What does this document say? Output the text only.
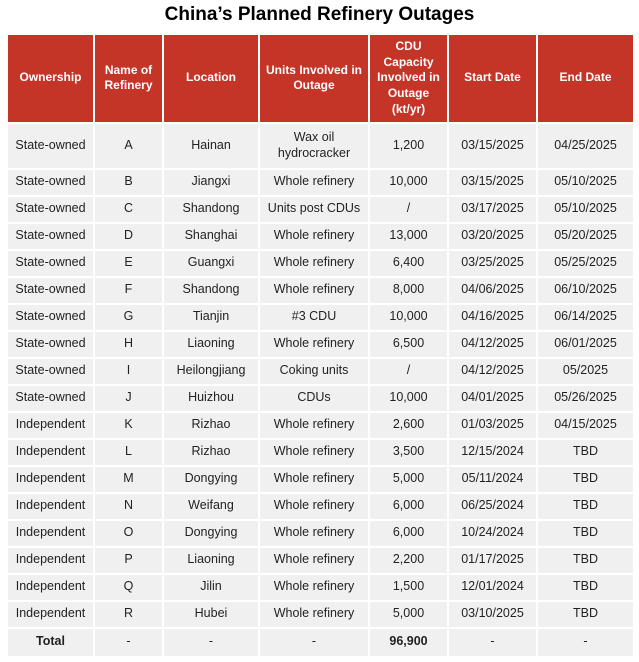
China’s Planned Refinery Outages
Ownership	Name of Refinery	Location	Units Involved in Outage	CDU Capacity Involved in Outage (kt/yr)	Start Date	End Date
State-owned	A	Hainan	Wax oil hydrocracker	1,200	03/15/2025	04/25/2025
State-owned	B	Jiangxi	Whole refinery	10,000	03/15/2025	05/10/2025
State-owned	C	Shandong	Units post CDUs	/	03/17/2025	05/10/2025
State-owned	D	Shanghai	Whole refinery	13,000	03/20/2025	05/20/2025
State-owned	E	Guangxi	Whole refinery	6,400	03/25/2025	05/25/2025
State-owned	F	Shandong	Whole refinery	8,000	04/06/2025	06/10/2025
State-owned	G	Tianjin	#3 CDU	10,000	04/16/2025	06/14/2025
State-owned	H	Liaoning	Whole refinery	6,500	04/12/2025	06/01/2025
State-owned	I	Heilongjiang	Coking units	/	04/12/2025	05/2025
State-owned	J	Huizhou	CDUs	10,000	04/01/2025	05/26/2025
Independent	K	Rizhao	Whole refinery	2,600	01/03/2025	04/15/2025
Independent	L	Rizhao	Whole refinery	3,500	12/15/2024	TBD
Independent	M	Dongying	Whole refinery	5,000	05/11/2024	TBD
Independent	N	Weifang	Whole refinery	6,000	06/25/2024	TBD
Independent	O	Dongying	Whole refinery	6,000	10/24/2024	TBD
Independent	P	Liaoning	Whole refinery	2,200	01/17/2025	TBD
Independent	Q	Jilin	Whole refinery	1,500	12/01/2024	TBD
Independent	R	Hubei	Whole refinery	5,000	03/10/2025	TBD
Total	-	-	-	96,900	-	-
